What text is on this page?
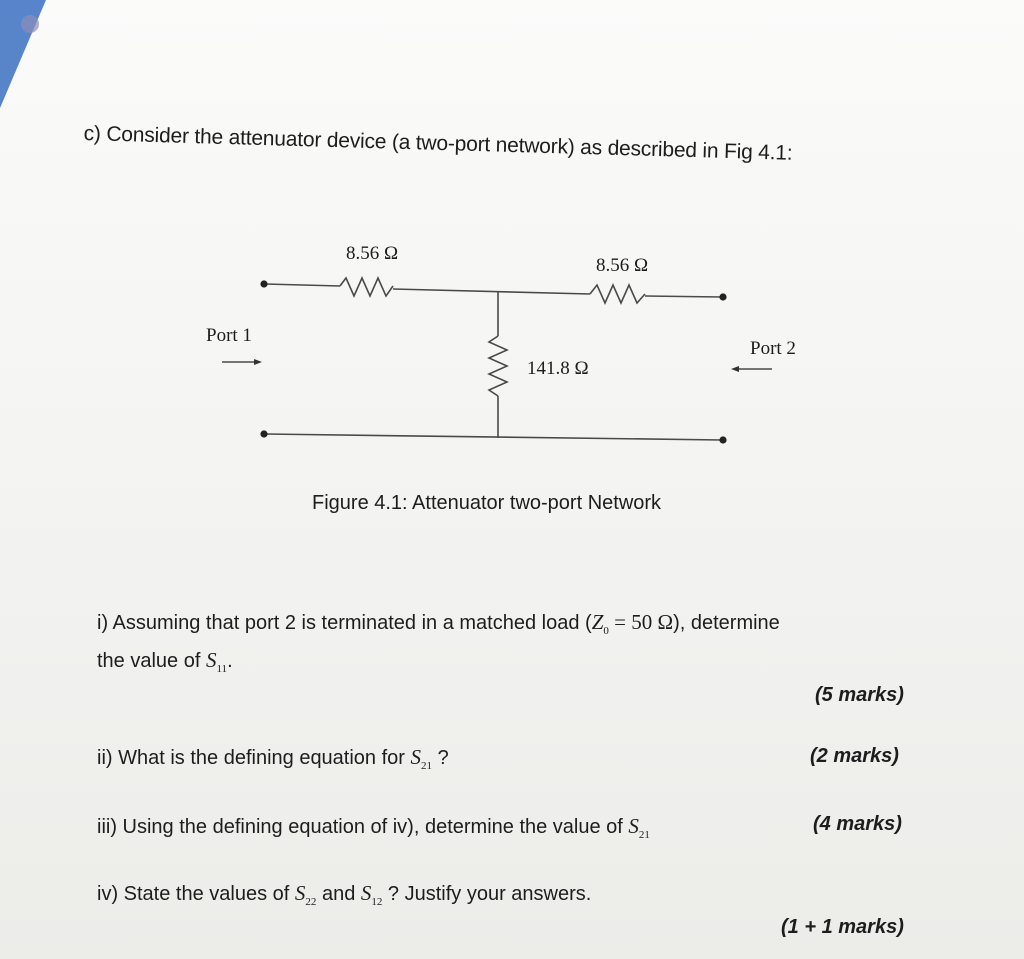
c) Consider the attenuator device (a two-port network) as described in Fig 4.1:
8.56 Ω
8.56 Ω
141.8 Ω
Port 1
Port 2
Figure 4.1: Attenuator two-port Network
i) Assuming that port 2 is terminated in a matched load ($Z_0 = 50$ Ω), determine
the value of $S_{11}$.
(5 marks)
ii) What is the defining equation for $S_{21}$ ?	(2 marks)
iii) Using the defining equation of iv), determine the value of $S_{21}$	(4 marks)
iv) State the values of $S_{22}$ and $S_{12}$ ? Justify your answers.
(1 + 1 marks)
